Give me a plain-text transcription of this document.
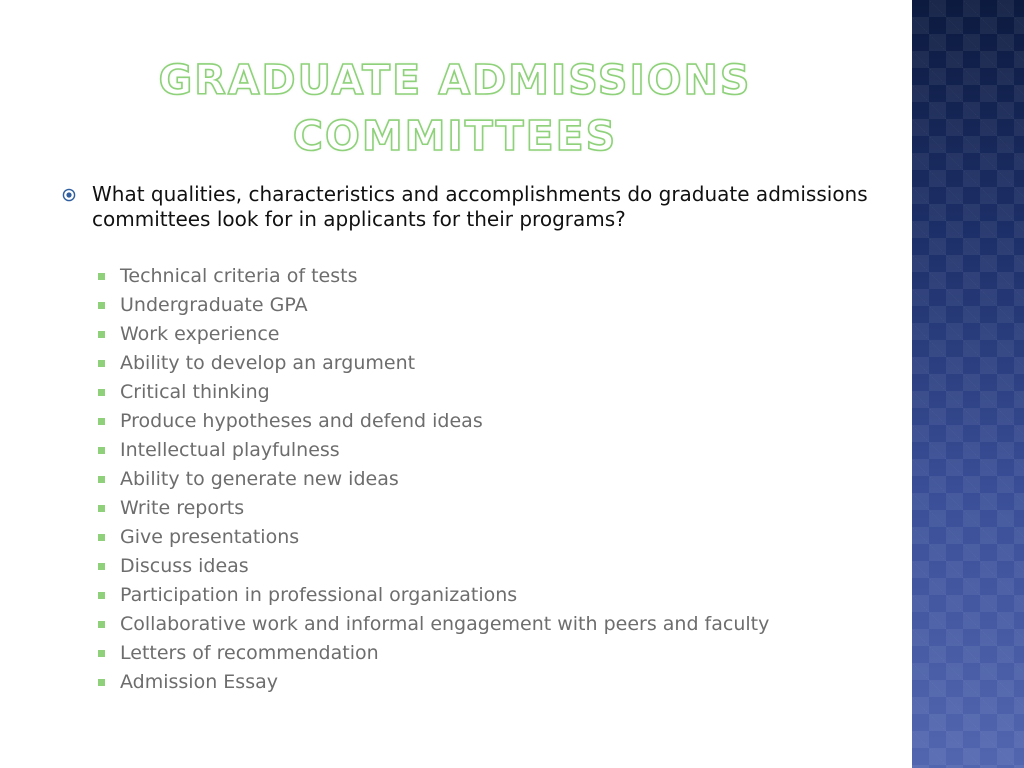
GRADUATE ADMISSIONS COMMITTEES
What qualities, characteristics and accomplishments do graduate admissions committees look for in applicants for their programs?
Technical criteria of tests
Undergraduate GPA
Work experience
Ability to develop an argument
Critical thinking
Produce hypotheses and defend ideas
Intellectual playfulness
Ability to generate new ideas
Write reports
Give presentations
Discuss ideas
Participation in professional organizations
Collaborative work and informal engagement with peers and faculty
Letters of recommendation
Admission Essay
